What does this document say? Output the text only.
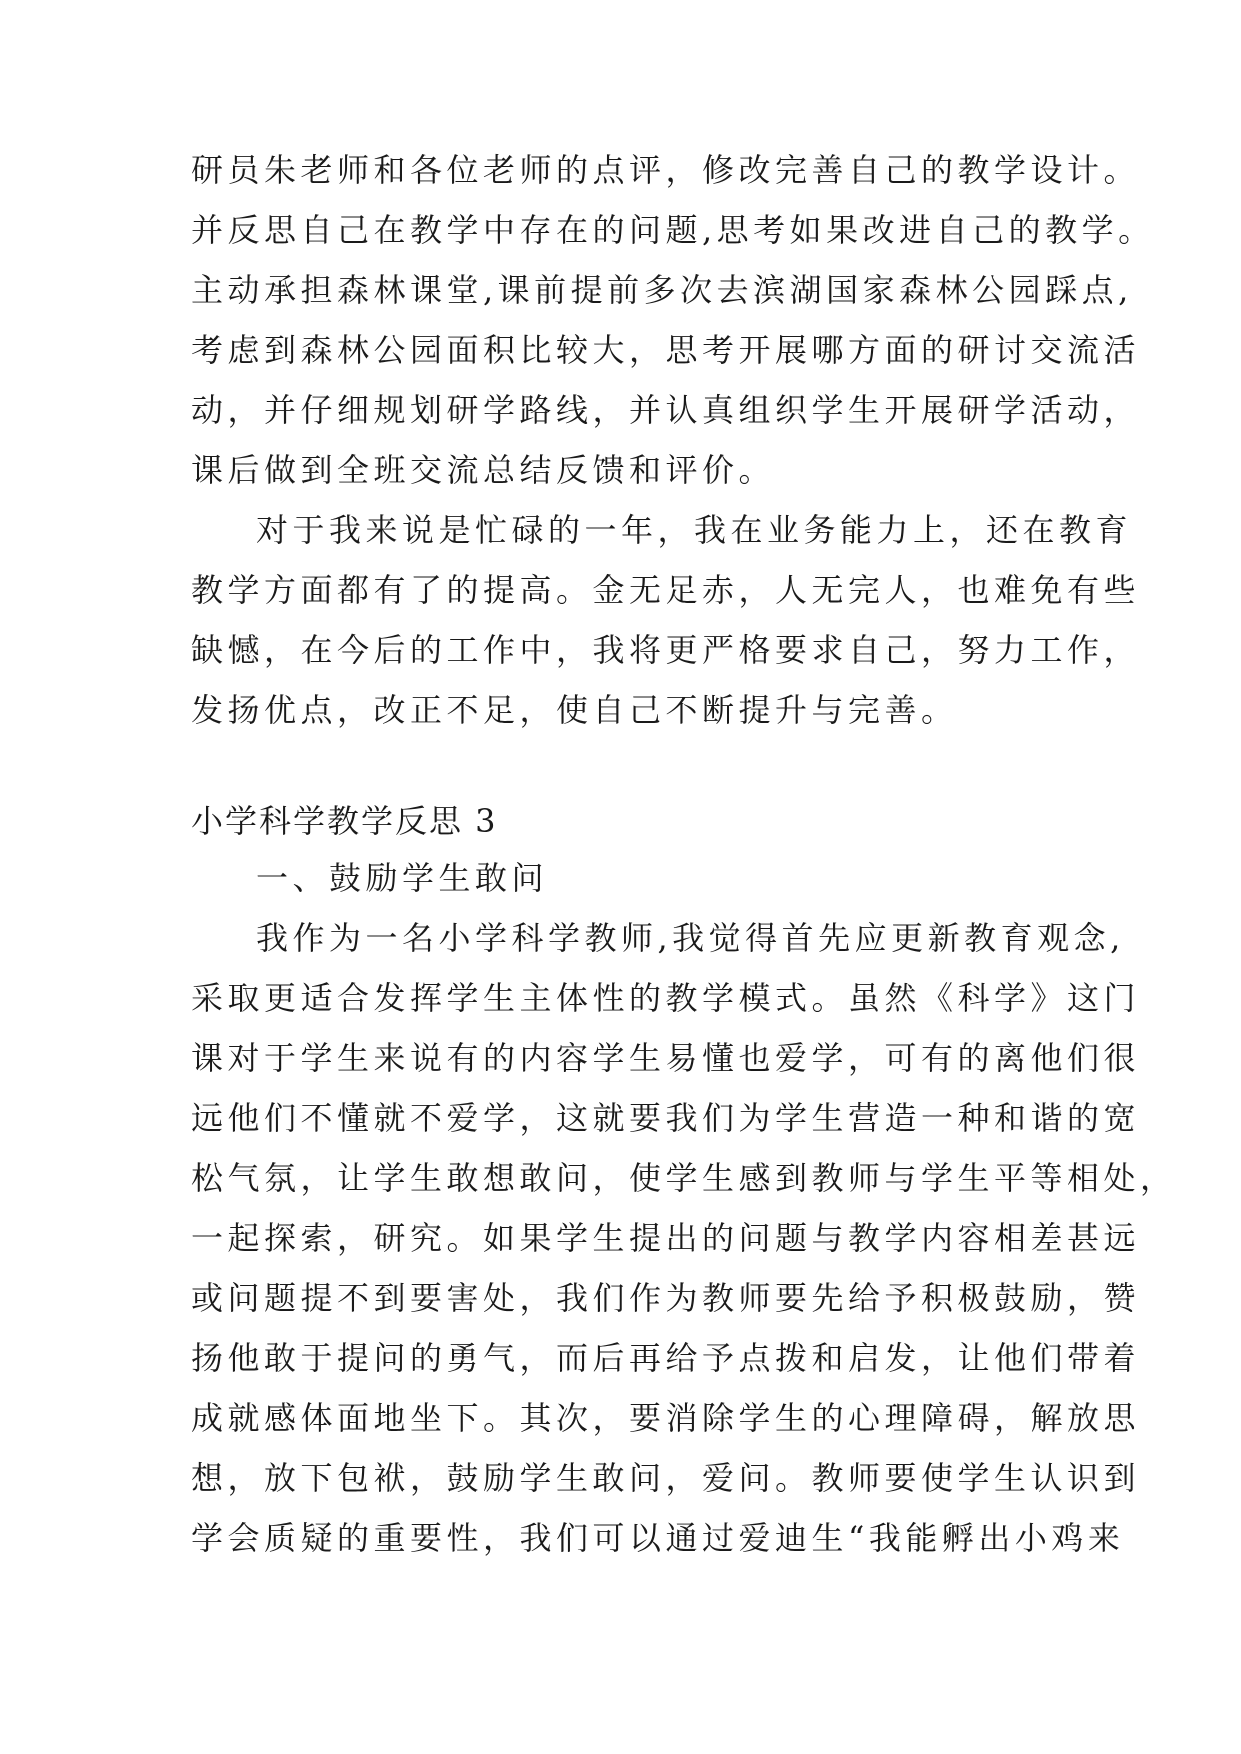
研员朱老师和各位老师的点评，修改完善自己的教学设计。
并反思自己在教学中存在的问题,思考如果改进自己的教学。
主动承担森林课堂,课前提前多次去滨湖国家森林公园踩点,
考虑到森林公园面积比较大，思考开展哪方面的研讨交流活
动，并仔细规划研学路线，并认真组织学生开展研学活动，
课后做到全班交流总结反馈和评价。
对于我来说是忙碌的一年，我在业务能力上，还在教育
教学方面都有了的提高。金无足赤，人无完人，也难免有些
缺憾，在今后的工作中，我将更严格要求自己，努力工作，
发扬优点，改正不足，使自己不断提升与完善。
小学科学教学反思 3
一、鼓励学生敢问
我作为一名小学科学教师,我觉得首先应更新教育观念,
采取更适合发挥学生主体性的教学模式。虽然《科学》这门
课对于学生来说有的内容学生易懂也爱学，可有的离他们很
远他们不懂就不爱学，这就要我们为学生营造一种和谐的宽
松气氛，让学生敢想敢问，使学生感到教师与学生平等相处，
一起探索，研究。如果学生提出的问题与教学内容相差甚远
或问题提不到要害处，我们作为教师要先给予积极鼓励，赞
扬他敢于提问的勇气，而后再给予点拨和启发，让他们带着
成就感体面地坐下。其次，要消除学生的心理障碍，解放思
想，放下包袱，鼓励学生敢问，爱问。教师要使学生认识到
学会质疑的重要性，我们可以通过爱迪生“我能孵出小鸡来
